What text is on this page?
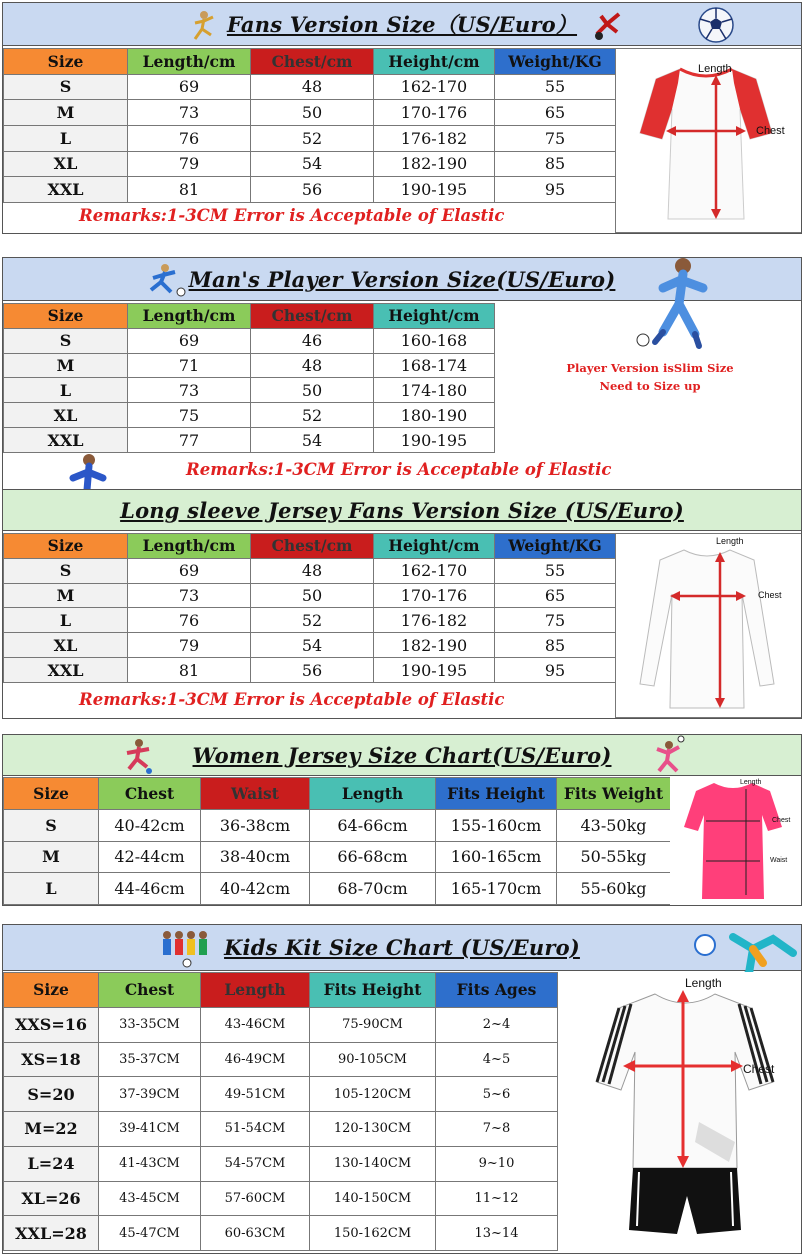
Fans Version Size（US/Euro）
Size	Length/cm	Chest/cm	Height/cm	Weight/KG
S	69	48	162-170	55
M	73	50	170-176	65
L	76	52	176-182	75
XL	79	54	182-190	85
XXL	81	56	190-195	95
Remarks:1-3CM Error is Acceptable of Elastic
Length
Chest
Man's Player Version Size(US/Euro)
Size	Length/cm	Chest/cm	Height/cm
S	69	46	160-168
M	71	48	168-174
L	73	50	174-180
XL	75	52	180-190
XXL	77	54	190-195
Player Version isSlim Size
Need to Size up
Remarks:1-3CM Error is Acceptable of Elastic
Long sleeve Jersey Fans Version Size (US/Euro)
Size	Length/cm	Chest/cm	Height/cm	Weight/KG
S	69	48	162-170	55
M	73	50	170-176	65
L	76	52	176-182	75
XL	79	54	182-190	85
XXL	81	56	190-195	95
Remarks:1-3CM Error is Acceptable of Elastic
Length
Chest
Women Jersey Size Chart(US/Euro)
Size	Chest	Waist	Length	Fits Height	Fits Weight
S	40-42cm	36-38cm	64-66cm	155-160cm	43-50kg
M	42-44cm	38-40cm	66-68cm	160-165cm	50-55kg
L	44-46cm	40-42cm	68-70cm	165-170cm	55-60kg
Length
Chest
Waist
Kids Kit Size Chart (US/Euro)
Size	Chest	Length	Fits Height	Fits Ages
XXS=16	33-35CM	43-46CM	75-90CM	2~4
XS=18	35-37CM	46-49CM	90-105CM	4~5
S=20	37-39CM	49-51CM	105-120CM	5~6
M=22	39-41CM	51-54CM	120-130CM	7~8
L=24	41-43CM	54-57CM	130-140CM	9~10
XL=26	43-45CM	57-60CM	140-150CM	11~12
XXL=28	45-47CM	60-63CM	150-162CM	13~14
Length
Chest
